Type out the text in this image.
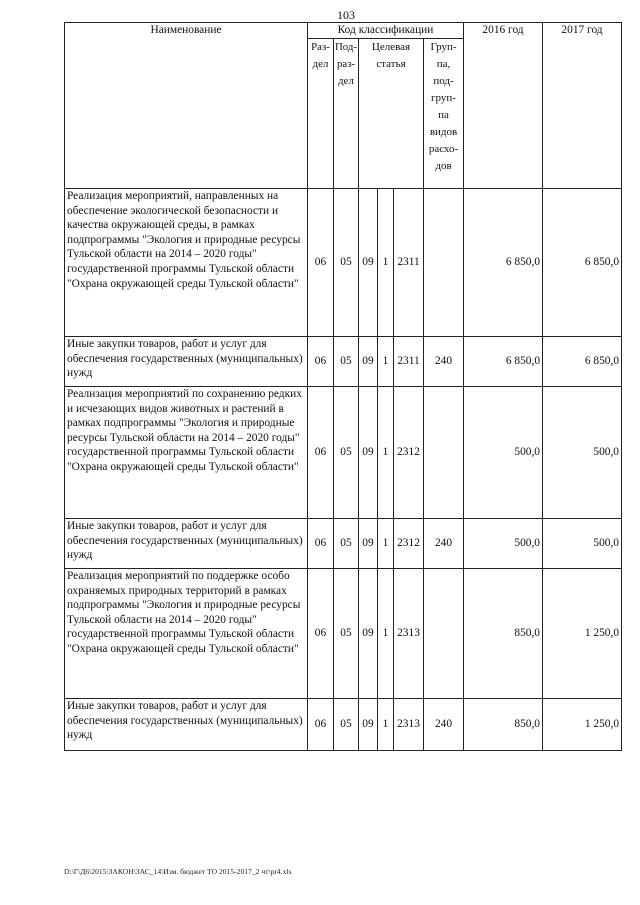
103
Наименование	Код классификации						2016 год	2017 год
	Раз-дел	Под-раз-дел	Целевая статья			Груп-па, под-груп-па видов расхо-дов		
Реализация мероприятий, направленных на обеспечение экологической безопасности и качества окружающей среды, в рамках подпрограммы "Экология и природные ресурсы Тульской области на 2014 – 2020 годы" государственной программы Тульской области "Охрана окружающей среды Тульской области"	06	05	09	1	2311		6 850,0	6 850,0
Иные закупки товаров, работ и услуг для обеспечения государственных (муниципальных) нужд	06	05	09	1	2311	240	6 850,0	6 850,0
Реализация мероприятий по сохранению редких и исчезающих видов животных и растений в рамках подпрограммы "Экология и природные ресурсы Тульской области на 2014 – 2020 годы" государственной программы Тульской области "Охрана окружающей среды Тульской области"	06	05	09	1	2312		500,0	500,0
Иные закупки товаров, работ и услуг для обеспечения государственных (муниципальных) нужд	06	05	09	1	2312	240	500,0	500,0
Реализация мероприятий по поддержке особо охраняемых природных территорий в рамках подпрограммы "Экология и природные ресурсы Тульской области на 2014 – 2020 годы" государственной программы Тульской области "Охрана окружающей среды Тульской области"	06	05	09	1	2313		850,0	1 250,0
Иные закупки товаров, работ и услуг для обеспечения государственных (муниципальных) нужд	06	05	09	1	2313	240	850,0	1 250,0
D:\Г\Д6\2015\ЗАКОН\ЗАС_14\Изм. бюджет ТО 2015-2017_2 чт\pr4.xls
